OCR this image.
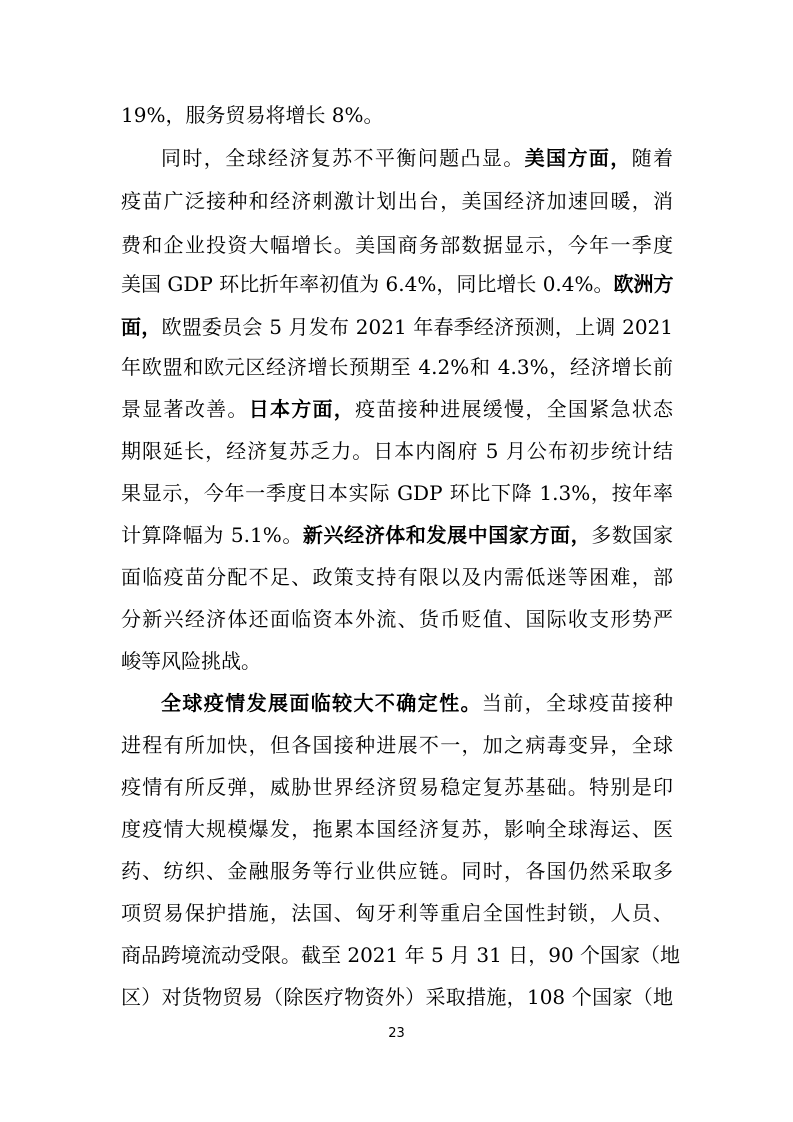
19%，服务贸易将增长 8%。
同时，全球经济复苏不平衡问题凸显。美国方面，随着
疫苗广泛接种和经济刺激计划出台，美国经济加速回暖，消
费和企业投资大幅增长。美国商务部数据显示，今年一季度
美国 GDP 环比折年率初值为 6.4%，同比增长 0.4%。欧洲方
面，欧盟委员会 5 月发布 2021 年春季经济预测，上调 2021
年欧盟和欧元区经济增长预期至 4.2%和 4.3%，经济增长前
景显著改善。日本方面，疫苗接种进展缓慢，全国紧急状态
期限延长，经济复苏乏力。日本内阁府 5 月公布初步统计结
果显示，今年一季度日本实际 GDP 环比下降 1.3%，按年率
计算降幅为 5.1%。新兴经济体和发展中国家方面，多数国家
面临疫苗分配不足、政策支持有限以及内需低迷等困难，部
分新兴经济体还面临资本外流、货币贬值、国际收支形势严
峻等风险挑战。
全球疫情发展面临较大不确定性。当前，全球疫苗接种
进程有所加快，但各国接种进展不一，加之病毒变异，全球
疫情有所反弹，威胁世界经济贸易稳定复苏基础。特别是印
度疫情大规模爆发，拖累本国经济复苏，影响全球海运、医
药、纺织、金融服务等行业供应链。同时，各国仍然采取多
项贸易保护措施，法国、匈牙利等重启全国性封锁，人员、
商品跨境流动受限。截至 2021 年 5 月 31 日，90 个国家（地
区）对货物贸易（除医疗物资外）采取措施，108 个国家（地
23
